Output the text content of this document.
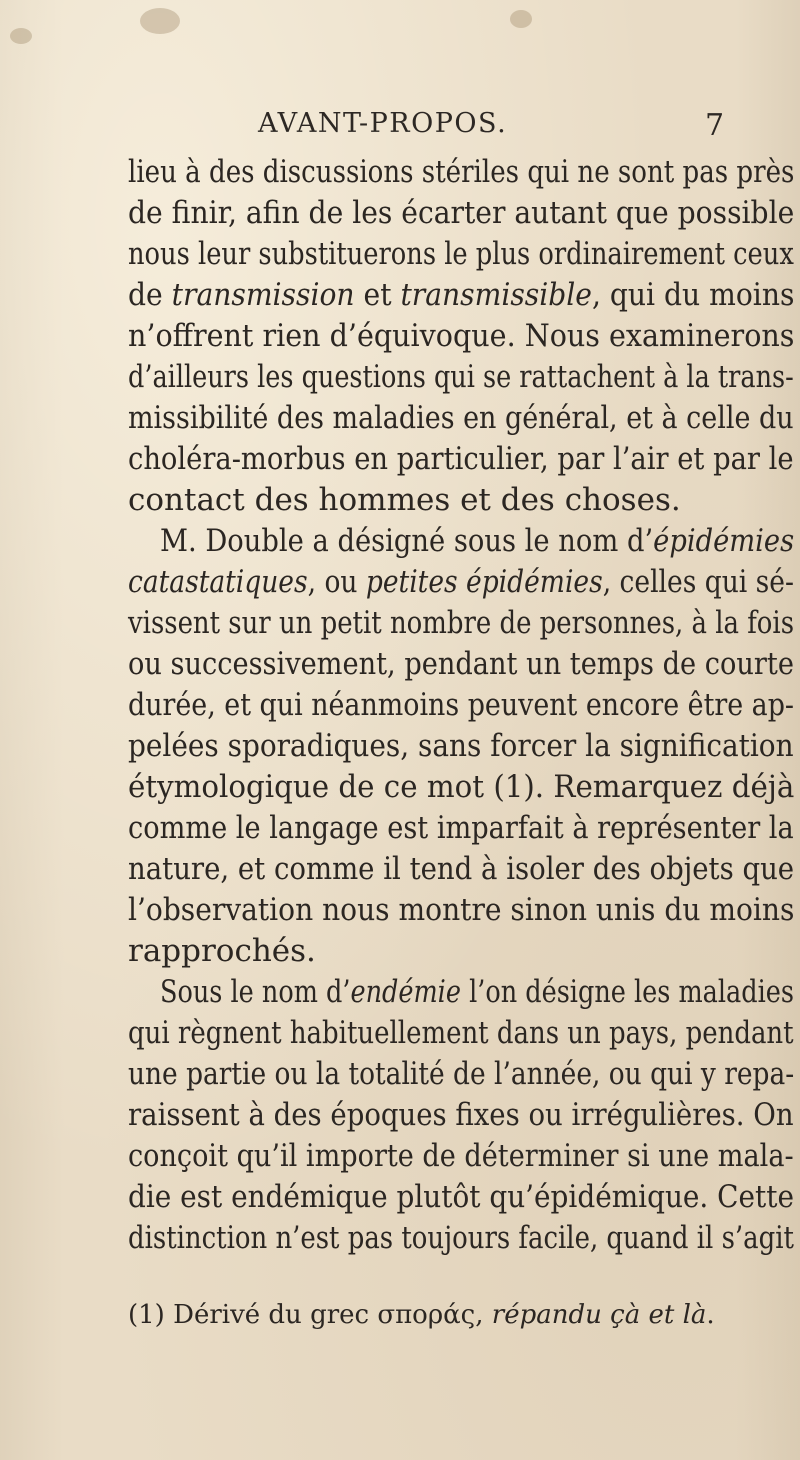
AVANT-PROPOS.	7
lieu à des discussions stériles qui ne sont pas près
de finir, afin de les écarter autant que possible
nous leur substituerons le plus ordinairement ceux
de transmission et transmissible, qui du moins
n’offrent rien d’équivoque. Nous examinerons
d’ailleurs les questions qui se rattachent à la trans-
missibilité des maladies en général, et à celle du
choléra-morbus en particulier, par l’air et par le
contact des hommes et des choses.
M. Double a désigné sous le nom d’épidémies
catastatiques, ou petites épidémies, celles qui sé-
vissent sur un petit nombre de personnes, à la fois
ou successivement, pendant un temps de courte
durée, et qui néanmoins peuvent encore être ap-
pelées sporadiques, sans forcer la signification
étymologique de ce mot (1). Remarquez déjà
comme le langage est imparfait à représenter la
nature, et comme il tend à isoler des objets que
l’observation nous montre sinon unis du moins
rapprochés.
Sous le nom d’endémie l’on désigne les maladies
qui règnent habituellement dans un pays, pendant
une partie ou la totalité de l’année, ou qui y repa-
raissent à des époques fixes ou irrégulières. On
conçoit qu’il importe de déterminer si une mala-
die est endémique plutôt qu’épidémique. Cette
distinction n’est pas toujours facile, quand il s’agit
(1) Dérivé du grec σποράς, répandu çà et là.
